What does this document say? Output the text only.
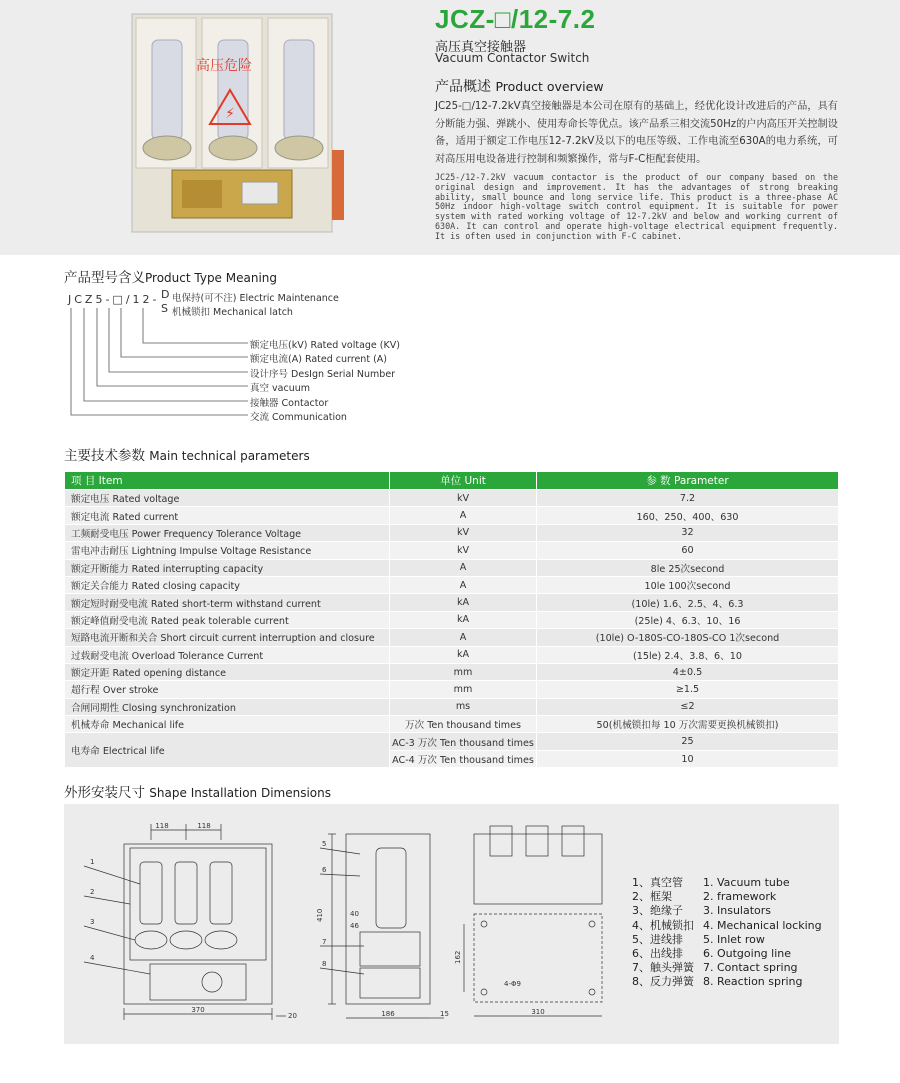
⚡
高压危险
JCZ-□/12-7.2
高压真空接触器
Vacuum Contactor Switch
产品概述 Product overview
JC25-□/12-7.2kV真空接触器是本公司在原有的基础上，经优化设计改进后的产品，具有分断能力强、弹跳小、使用寿命长等优点。该产品系三相交流50Hz的户内高压开关控制设备，适用于额定工作电压12-7.2kV及以下的电压等级、工作电流至630A的电力系统，可对高压用电设备进行控制和频繁操作，常与F-C柜配套使用。
JC25-/12-7.2kV vacuum contactor is the product of our company based on the original design and improvement. It has the advantages of strong breaking ability, small bounce and long service life. This product is a three-phase AC 50Hz indoor high-voltage switch control equipment. It is suitable for power system with rated working voltage of 12-7.2kV and below and working current of 630A. It can control and operate high-voltage electrical equipment frequently. It is often used in conjunction with F-C cabinet.
产品型号含义Product Type Meaning
JCZ5-□/12- D
S
电保持(可不注) Electric Maintenance
机械锁扣 Mechanical latch
额定电压(kV) Rated voltage (KV)
额定电流(A) Rated current (A)
设计序号 DesIgn Serial Number
真空 vacuum
接触器 Contactor
交流 Communication
主要技术参数 Main technical parameters
项 目 Item	单位 Unit	参 数 Parameter
额定电压 Rated voltage	kV	7.2
额定电流 Rated current	A	160、250、400、630
工频耐受电压 Power Frequency Tolerance Voltage	kV	32
雷电冲击耐压 Lightning Impulse Voltage Resistance	kV	60
额定开断能力 Rated interrupting capacity	A	8le 25次second
额定关合能力 Rated closing capacity	A	10le 100次second
额定短时耐受电流 Rated short-term withstand current	kA	(10le) 1.6、2.5、4、6.3
额定峰值耐受电流 Rated peak tolerable current	kA	(25le) 4、6.3、10、16
短路电流开断和关合 Short circuit current interruption and closure	A	(10le) O-180S-CO-180S-CO 1次second
过载耐受电流 Overload Tolerance Current	kA	(15le) 2.4、3.8、6、10
额定开距 Rated opening distance	mm	4±0.5
超行程 Over stroke	mm	≥1.5
合闸同期性 Closing synchronization	ms	≤2
机械寿命 Mechanical life	万次 Ten thousand times	50(机械锁扣每 10 万次需要更换机械锁扣)
电寿命 Electrical life	AC-3 万次 Ten thousand times	25
	AC-4 万次 Ten thousand times	10
外形安装尺寸 Shape Installation Dimensions
118	118
370
20
1
2
3
4
410
186	15
40
46
5
6
7
8	162
310
4-Φ9
1、真空管
2、框架
3、绝缘子
4、机械锁扣
5、进线排
6、出线排
7、触头弹簧
8、反力弹簧
1. Vacuum tube
2. framework
3. Insulators
4. Mechanical locking
5. Inlet row
6. Outgoing line
7. Contact spring
8. Reaction spring
